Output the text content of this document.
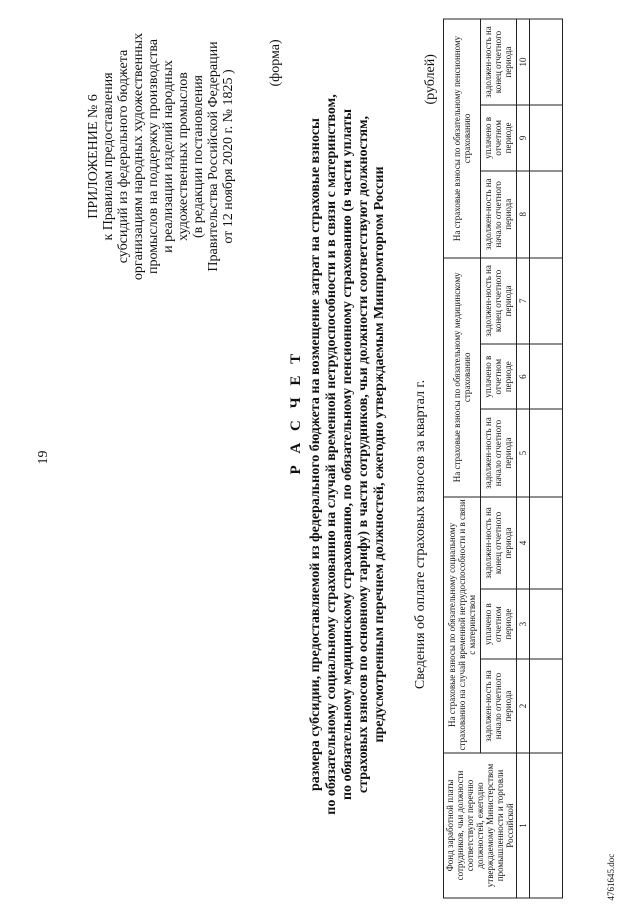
19
ПРИЛОЖЕНИЕ № 6 к Правилам предоставления субсидий из федерального бюджета организациям народных художественных промыслов на поддержку производства и реализации изделий народных художественных промыслов (в редакции постановления Правительства Российской Федерации от 12 ноября 2020 г. № 1825 )
(форма)
Р А С Ч Е Т размера субсидии, предоставляемой из федерального бюджета на возмещение затрат на страховые взносы по обязательному социальному страхованию на случай временной нетрудоспособности и в связи с материнством, по обязательному медицинскому страхованию, по обязательному пенсионному страхованию (в части уплаты страховых взносов по основному тарифу) в части сотрудников, чьи должности соответствуют должностям, предусмотренным перечнем должностей, ежегодно утверждаемым Минпромторгом России Сведения об оплате страховых взносов за квартал г.
(рублей)
Фонд заработной платы сотрудников, чьи должности соответствуют перечню должностей, ежегодно утверждаемому Министерством промышленности и торговли Российской	На страховые взносы по обязательному социальному страхованию на случай временной нетрудоспособности и в связи с материнством			На страховые взносы по обязательному медицинскому страхованию			На страховые взносы по обязательному пенсионному страхованию		
	задолжен-ность на начало отчетного периода	уплачено в отчетном периоде	задолжен-ность на конец отчетного периода	задолжен-ность на начало отчетного периода	уплачено в отчетном периоде	задолжен-ность на конец отчетного периода	задолжен-ность на начало отчетного периода	уплачено в отчетном периоде	задолжен-ность на конец отчетного периода
1	2	3	4	5	6	7	8	9	10

4761645.doc
